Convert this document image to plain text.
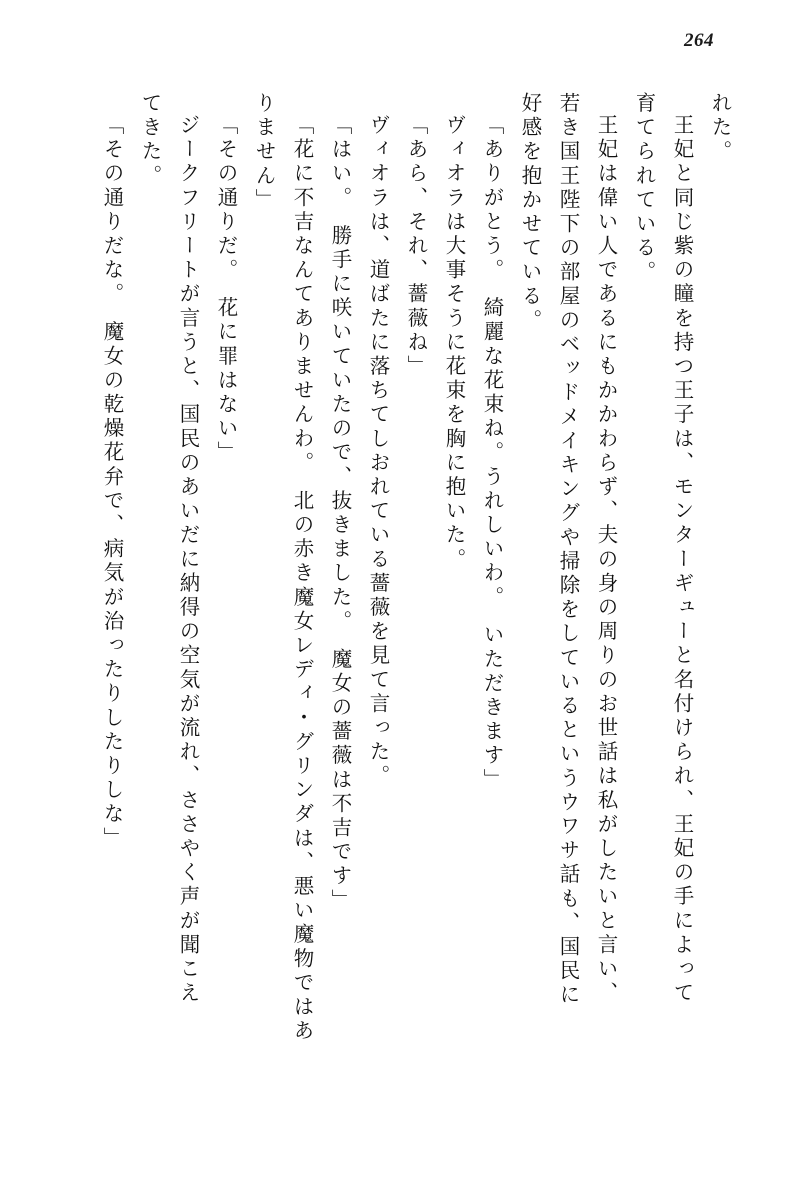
264
れた。
王妃と同じ紫の瞳を持つ王子は、モンターギューと名付けられ、王妃の手によって
育てられている。
王妃は偉い人であるにもかかわらず、夫の身の周りのお世話は私がしたいと言い、
若き国王陛下の部屋のベッドメイキングや掃除をしているというウワサ話も、国民に
好感を抱かせている。
「ありがとう。　綺麗な花束ね。うれしいわ。　いただきます」
ヴィオラは大事そうに花束を胸に抱いた。
「あら、それ、薔薇ね」
ヴィオラは、道ばたに落ちてしおれている薔薇を見て言った。
「はい。　勝手に咲いていたので、抜きました。　魔女の薔薇は不吉です」
「花に不吉なんてありませんわ。　北の赤き魔女レディ・グリンダは、悪い魔物ではあ
りません」
「その通りだ。　花に罪はない」
ジークフリートが言うと、国民のあいだに納得の空気が流れ、ささやく声が聞こえ
てきた。
「その通りだな。　魔女の乾燥花弁で、病気が治ったりしたりしな」
